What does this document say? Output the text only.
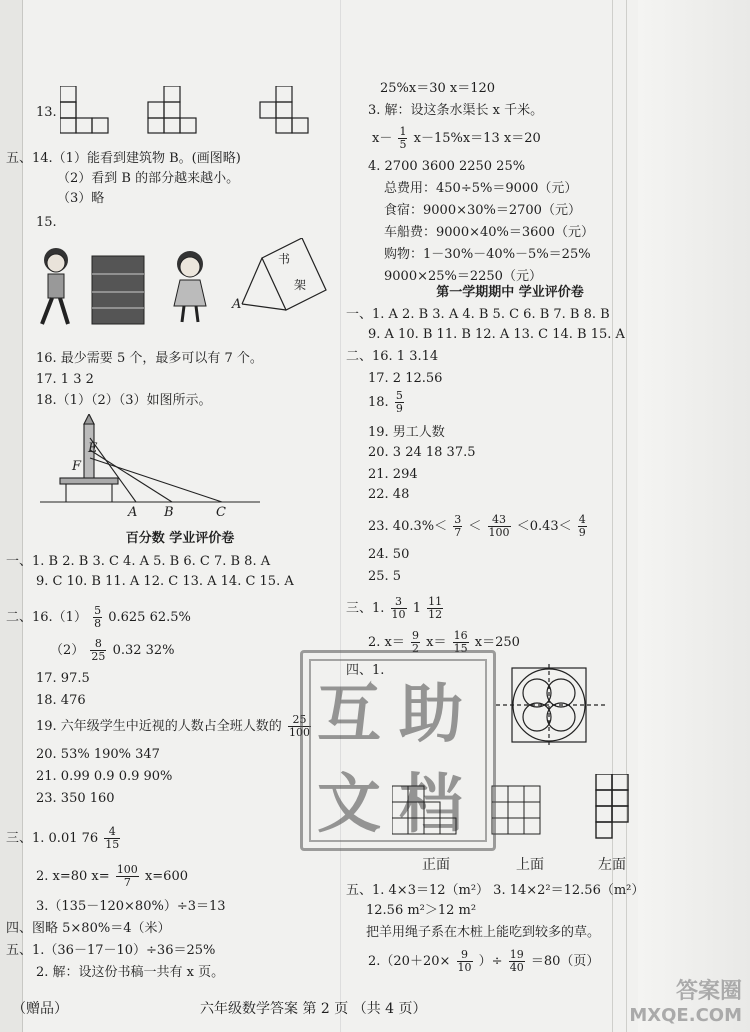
13.
五、14.（1）能看到建筑物 B。(画图略)
（2）看到 B 的部分越来越小。
（3）略
15.
书
架
A
16. 最少需要 5 个，最多可以有 7 个。
17. 1 3 2
18.（1）（2）（3）如图所示。
F
E
A B	C
百分数 学业评价卷
一、1. B 2. B 3. C 4. A 5. B 6. C 7. B 8. A
9. C 10. B 11. A 12. C 13. A 14. C 15. A
二、$16.(1) \frac{5}{8} 0.625$ 62.5%
$(2) \frac{8}{25} 0.32$ 32%
17. 97.5
18. 476
19. 六年级学生中近视的人数占全班人数的 $\frac{25}{100}$
20. 53% 190% 347
21. 0.99 0.9 0.9 90%
23. 350 160
三、1. 0.01 $76 \frac{4}{15}$
2. x=80 $x= \frac{100}{7} x=600$
3.（135－120×80%）÷3＝13
四、图略 5×80%＝4（米）
五、1.（36－17－10）÷36＝25%
2. 解：设这份书稿一共有 x 页。
25%x＝30 x＝120
3. 解：设这条水渠长 x 千米。
$x- \frac{1}{5} x-15\%x=13$ x＝20
4. 2700 3600 2250 25%
总费用：450÷5%＝9000（元）
食宿：9000×30%＝2700（元）
车船费：9000×40%＝3600（元）
购物：1－30%－40%－5%＝25%
9000×25%＝2250（元）
第一学期期中 学业评价卷
一、1. A 2. B 3. A 4. B 5. C 6. B 7. B 8. B
9. A 10. B 11. B 12. A 13. C 14. B 15. A
二、16. 1 3.14
17. 2 12.56
18. $\frac{5}{9}$
19. 男工人数
20. 3 24 18 37.5
21. 294
22. 48
23. $40.3\%< \frac{3}{7} < \frac{43}{100} <0.43< \frac{4}{9}$
24. 50
25. 5
三、1. $\frac{3}{10} 1 \frac{11}{12}$
2. $x= \frac{9}{2} x= \frac{16}{15} x=250$
四、1.
正面	上面	左面
五、1. 4×3＝12（m²） 3. 14×2²＝12.56（m²）
12.56 m²＞12 m²
把羊用绳子系在木桩上能吃到较多的草。
$2.(20+20\times \frac{9}{10}$ ）÷ $\frac{19}{40} =80$（页）
互 助
文 档
（赠品）	六年级数学答案 第 2 页 （共 4 页）
答案圈
MXQE.COM
